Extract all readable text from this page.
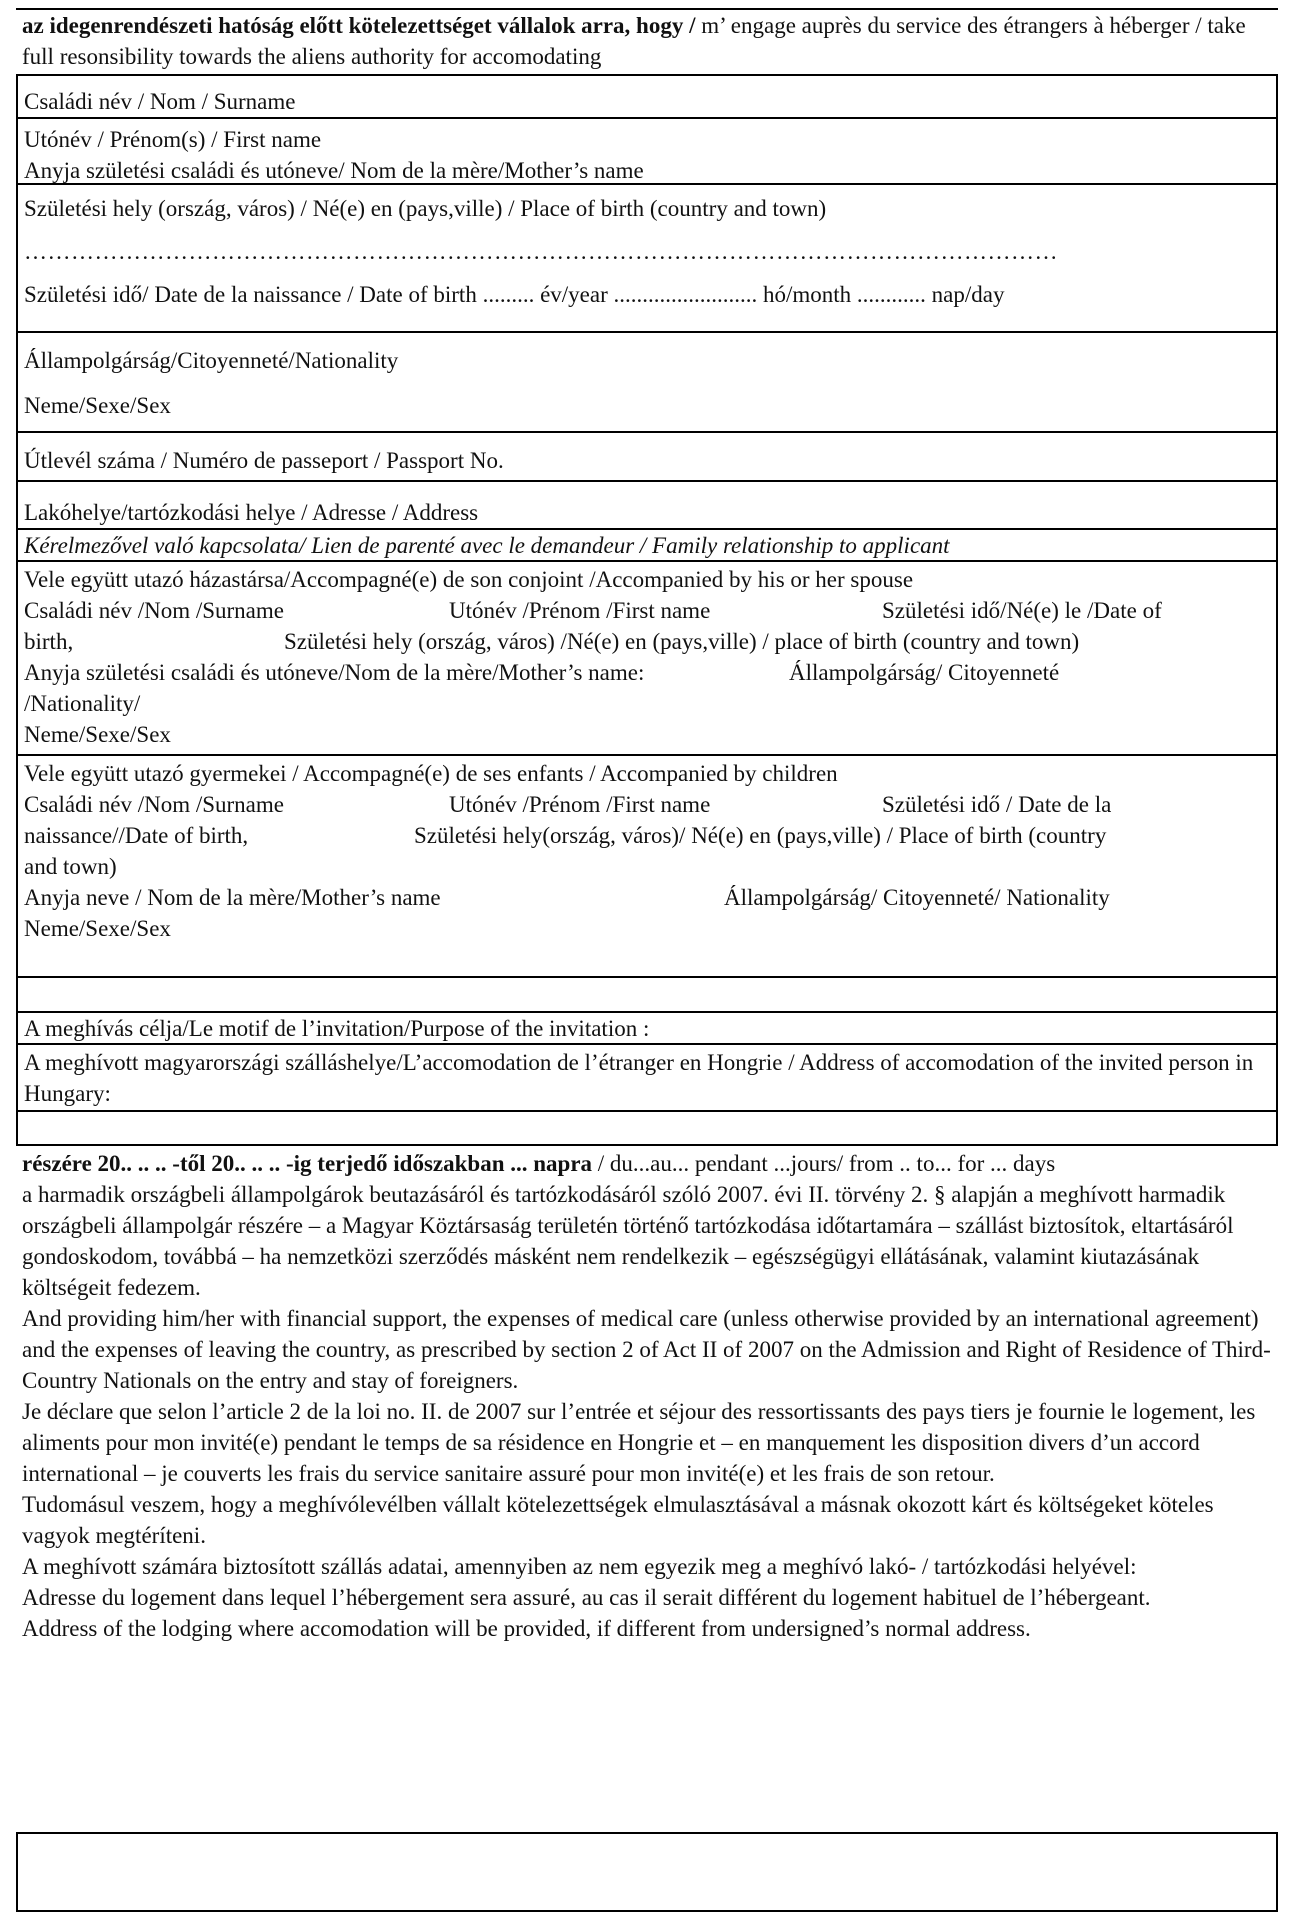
az idegenrendészeti hatóság előtt kötelezettséget vállalok arra, hogy / m’ engage auprès du service des étrangers à héberger / take full resonsibility towards the aliens authority for accomodating
Családi név / Nom / Surname
Utónév / Prénom(s) / First name
Anyja születési családi és utóneve/ Nom de la mère/Mother’s name
Születési hely (ország, város) / Né(e) en (pays,ville) / Place of birth (country and town)
……………………………………………………………………………………………………………………
Születési idő/ Date de la naissance / Date of birth ......... év/year ......................... hó/month ............ nap/day
Állampolgárság/Citoyenneté/Nationality
Neme/Sexe/Sex
Útlevél száma / Numéro de passeport / Passport No.
Lakóhelye/tartózkodási helye / Adresse / Address
Kérelmezővel való kapcsolata/ Lien de parenté avec le demandeur / Family relationship to applicant
Vele együtt utazó házastársa/Accompagné(e) de son conjoint /Accompanied by his or her spouse
Családi név /Nom /Surname	Utónév /Prénom /First name	Születési idő/Né(e) le /Date of
birth,	Születési hely (ország, város) /Né(e) en (pays,ville) / place of birth (country and town)
Anyja születési családi és utóneve/Nom de la mère/Mother’s name:	Állampolgárság/ Citoyenneté
/Nationality/
Neme/Sexe/Sex
Vele együtt utazó gyermekei / Accompagné(e) de ses enfants / Accompanied by children
Családi név /Nom /Surname	Utónév /Prénom /First name	Születési idő / Date de la
naissance//Date of birth,	Születési hely(ország, város)/ Né(e) en (pays,ville) / Place of birth (country
and town)
Anyja neve / Nom de la mère/Mother’s name	Állampolgárság/ Citoyenneté/ Nationality
Neme/Sexe/Sex
A meghívás célja/Le motif de l’invitation/Purpose of the invitation :
A meghívott magyarországi szálláshelye/L’accomodation de l’étranger en Hongrie / Address of accomodation of the invited person in Hungary:

részére 20.. .. .. -től 20.. .. .. -ig terjedő időszakban ... napra / du...au... pendant ...jours/ from .. to... for ... days

a harmadik országbeli állampolgárok beutazásáról és tartózkodásáról szóló 2007. évi II. törvény 2. § alapján a meghívott harmadik országbeli állampolgár részére – a Magyar Köztársaság területén történő tartózkodása időtartamára – szállást biztosítok, eltartásáról gondoskodom, továbbá – ha nemzetközi szerződés másként nem rendelkezik – egészségügyi ellátásának, valamint kiutazásának költségeit fedezem.

And providing him/her with financial support, the expenses of medical care (unless otherwise provided by an international agreement) and the expenses of leaving the country, as prescribed by section 2 of Act II of 2007 on the Admission and Right of Residence of Third-Country Nationals on the entry and stay of foreigners.

Je déclare que selon l’article 2 de la loi no. II. de 2007 sur l’entrée et séjour des ressortissants des pays tiers je fournie le logement, les aliments pour mon invité(e) pendant le temps de sa résidence en Hongrie et – en manquement les disposition divers d’un accord international – je couverts les frais du service sanitaire assuré pour mon invité(e) et les frais de son retour.

Tudomásul veszem, hogy a meghívólevélben vállalt kötelezettségek elmulasztásával a másnak okozott kárt és költségeket köteles vagyok megtéríteni.

A meghívott számára biztosított szállás adatai, amennyiben az nem egyezik meg a meghívó lakó- / tartózkodási helyével:

Adresse du logement dans lequel l’hébergement sera assuré, au cas il serait différent du logement habituel de l’hébergeant.

Address of the lodging where accomodation will be provided, if different from undersigned’s normal address.
